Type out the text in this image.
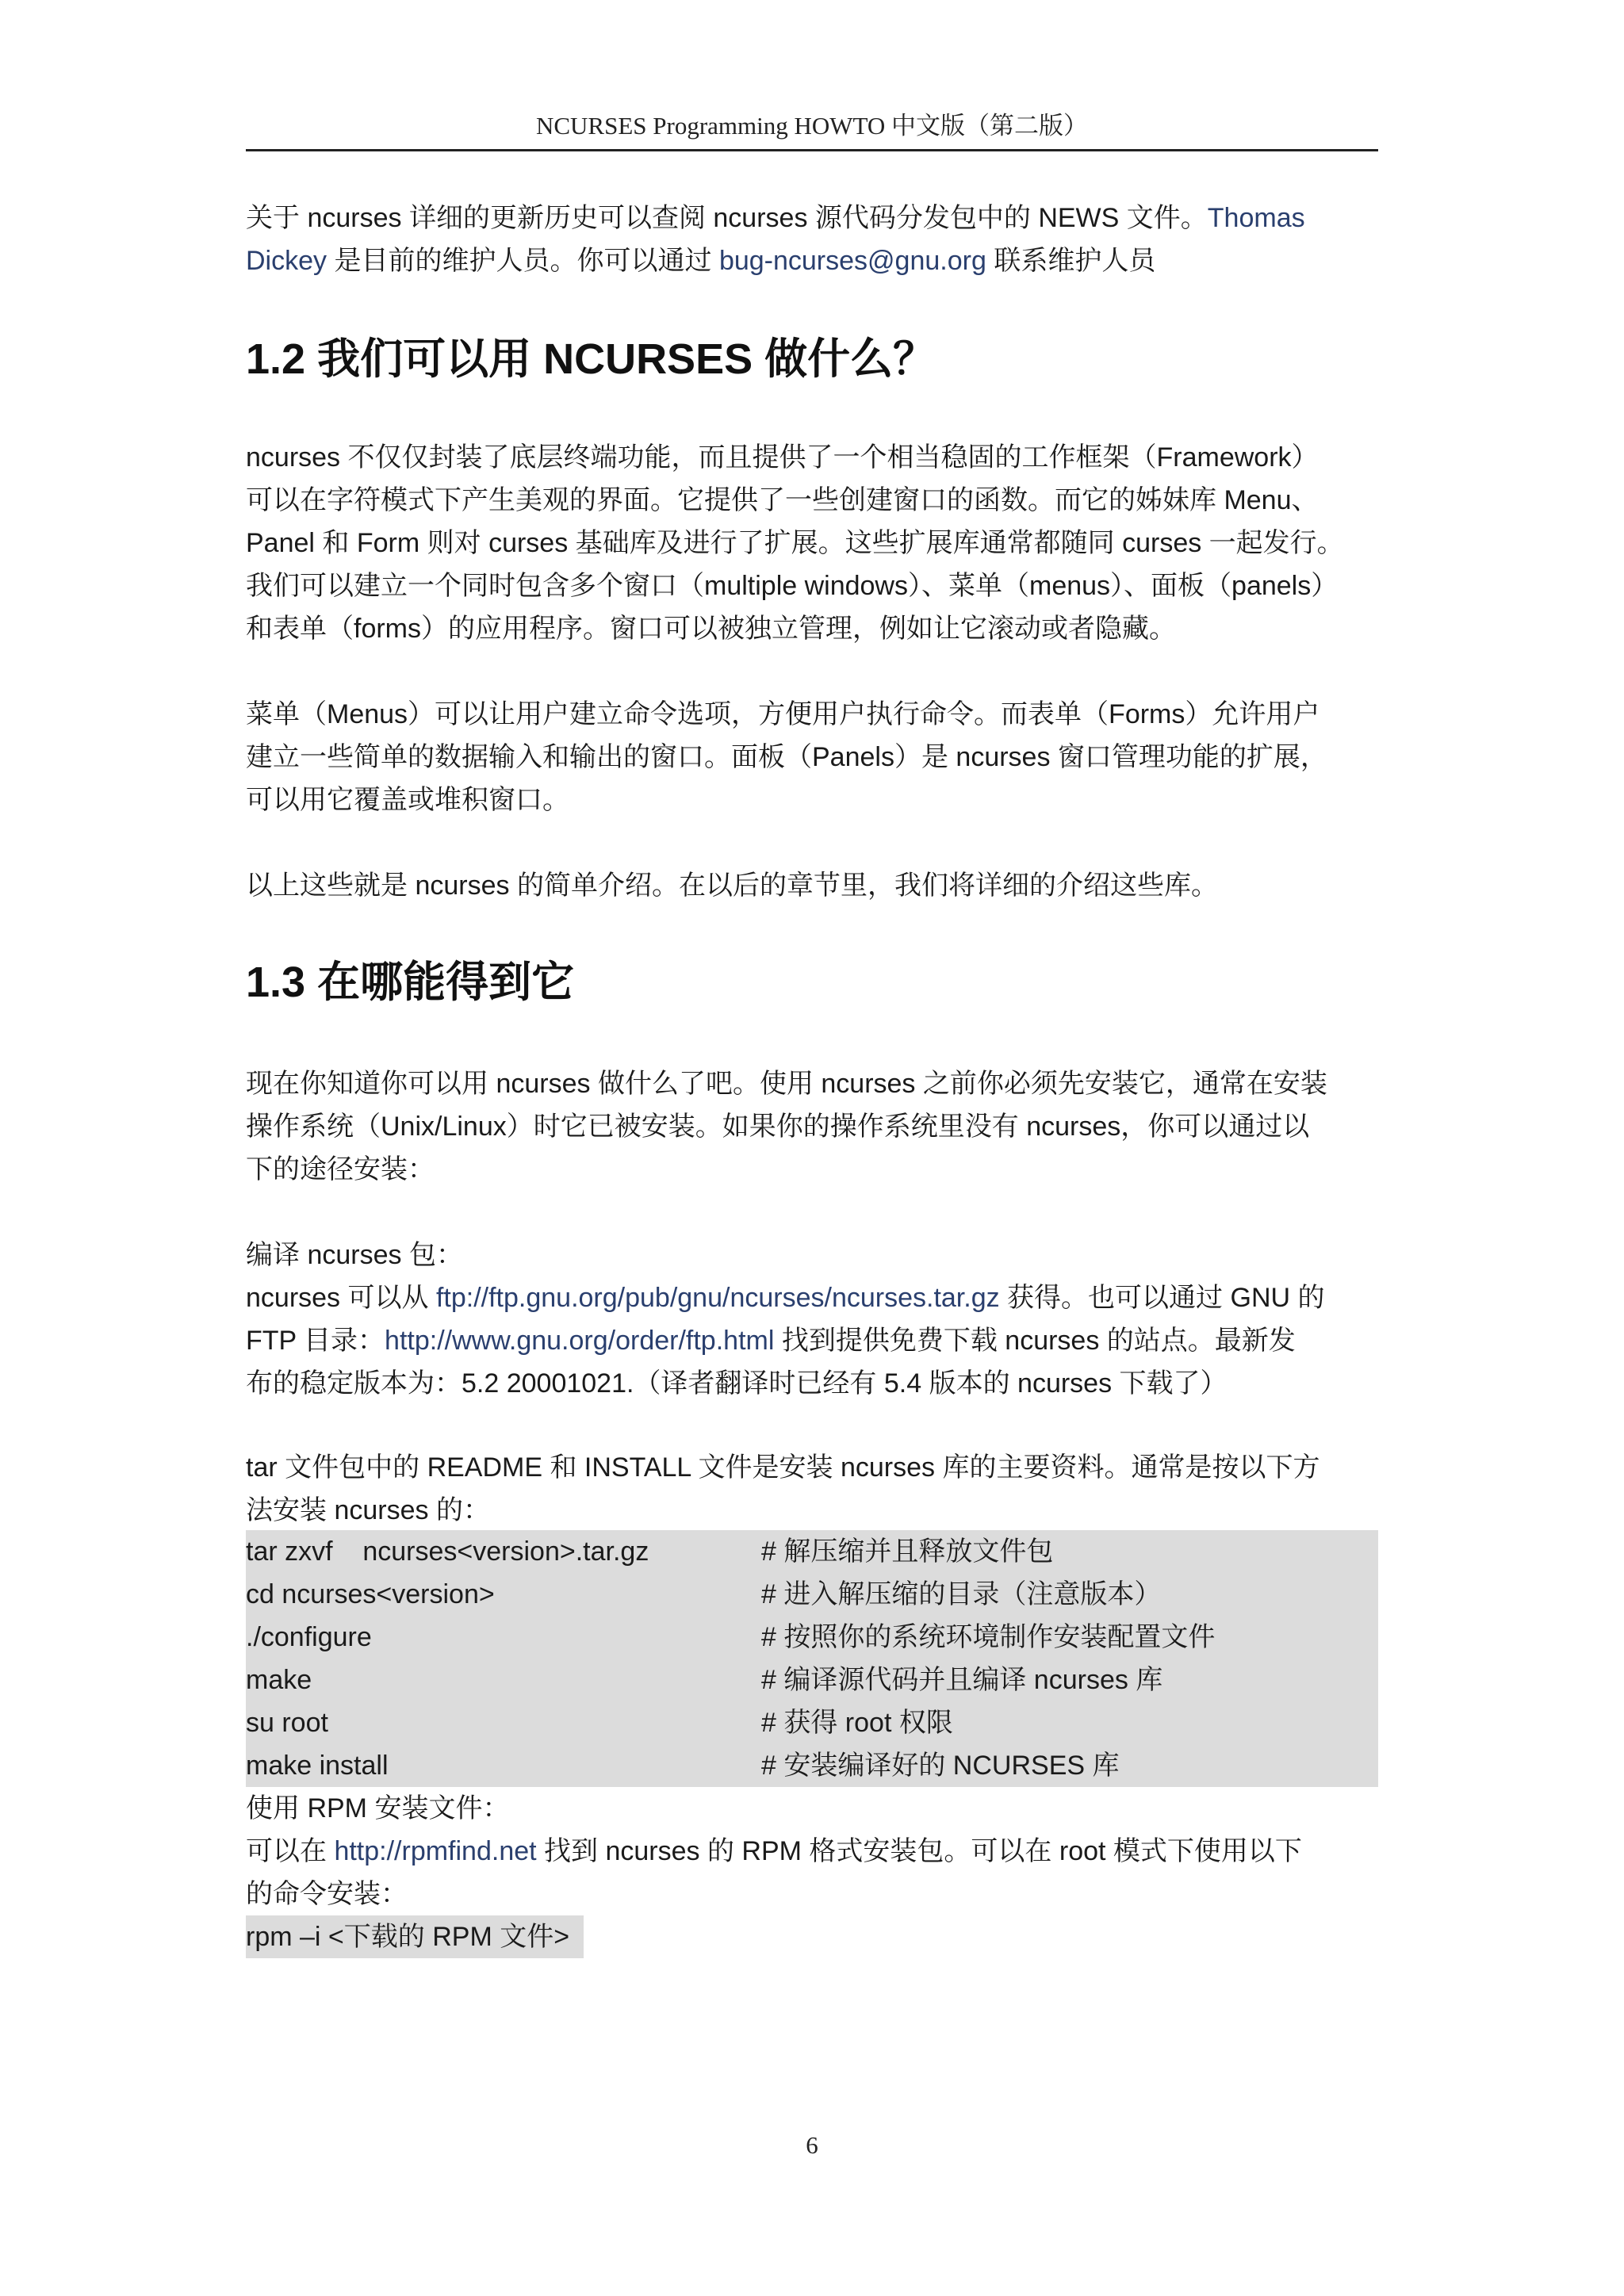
NCURSES Programming HOWTO 中文版（第二版）

关于 ncurses 详细的更新历史可以查阅 ncurses 源代码分发包中的 NEWS 文件。Thomas

Dickey 是目前的维护人员。你可以通过 bug-ncurses@gnu.org 联系维护人员

1.2 我们可以用 NCURSES 做什么？

ncurses 不仅仅封装了底层终端功能，而且提供了一个相当稳固的工作框架（Framework）

可以在字符模式下产生美观的界面。它提供了一些创建窗口的函数。而它的姊妹库 Menu、

Panel 和 Form 则对 curses 基础库及进行了扩展。这些扩展库通常都随同 curses 一起发行。

我们可以建立一个同时包含多个窗口（multiple windows）、菜单（menus）、面板（panels）

和表单（forms）的应用程序。窗口可以被独立管理，例如让它滚动或者隐藏。

菜单（Menus）可以让用户建立命令选项，方便用户执行命令。而表单（Forms）允许用户

建立一些简单的数据输入和输出的窗口。面板（Panels）是 ncurses 窗口管理功能的扩展，

可以用它覆盖或堆积窗口。

以上这些就是 ncurses 的简单介绍。在以后的章节里，我们将详细的介绍这些库。

1.3 在哪能得到它

现在你知道你可以用 ncurses 做什么了吧。使用 ncurses 之前你必须先安装它，通常在安装

操作系统（Unix/Linux）时它已被安装。如果你的操作系统里没有 ncurses，你可以通过以

下的途径安装：

编译 ncurses 包：

ncurses 可以从 ftp://ftp.gnu.org/pub/gnu/ncurses/ncurses.tar.gz 获得。也可以通过 GNU 的

FTP 目录：http://www.gnu.org/order/ftp.html 找到提供免费下载 ncurses 的站点。最新发

布的稳定版本为：5.2 20001021.（译者翻译时已经有 5.4 版本的 ncurses 下载了）

tar 文件包中的 README 和 INSTALL 文件是安装 ncurses 库的主要资料。通常是按以下方

法安装 ncurses 的：

tar zxvf    ncurses<version>.tar.gz	# 解压缩并且释放文件包
cd ncurses<version>	# 进入解压缩的目录（注意版本）
./configure	# 按照你的系统环境制作安装配置文件
make	# 编译源代码并且编译 ncurses 库
su root	# 获得 root 权限
make install	# 安装编译好的 NCURSES 库

使用 RPM 安装文件：

可以在 http://rpmfind.net 找到 ncurses 的 RPM 格式安装包。可以在 root 模式下使用以下

的命令安装：

rpm –i <下载的 RPM 文件>
6
